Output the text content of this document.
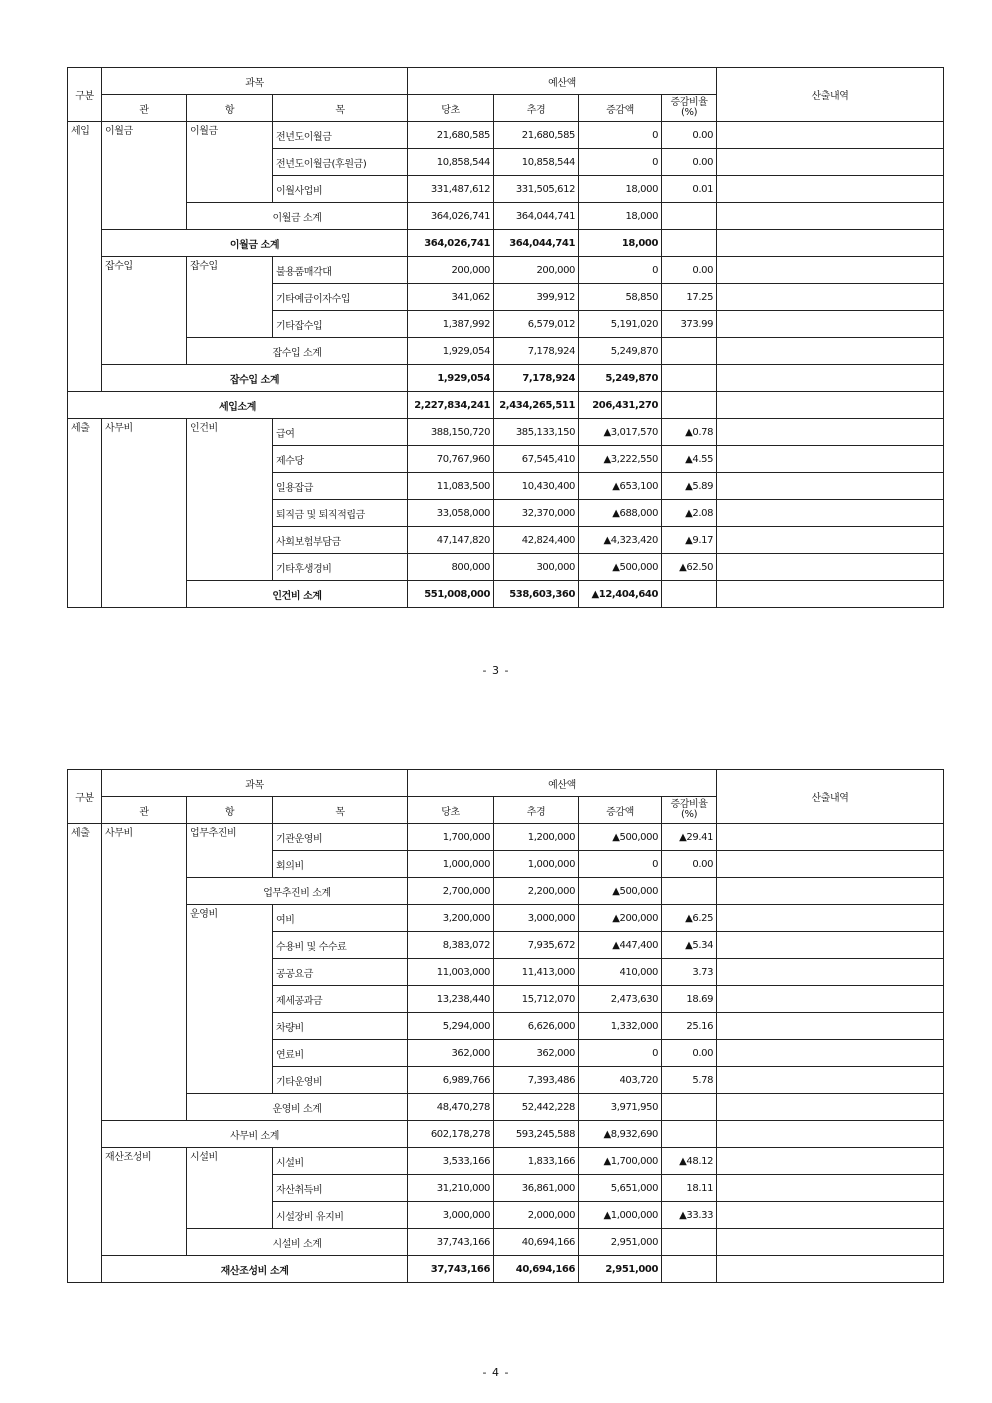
구분	과목			예산액				산출내역
	관	항	목	당초	추경	증감액	증감비율
(%)	
세입	이월금	이월금	전년도이월금	21,680,585	21,680,585	0	0.00	
			전년도이월금(후원금)	10,858,544	10,858,544	0	0.00	
			이월사업비	331,487,612	331,505,612	18,000	0.01	
		이월금 소계		364,026,741	364,044,741	18,000		
	이월금 소계			364,026,741	364,044,741	18,000		
	잡수입	잡수입	불용품매각대	200,000	200,000	0	0.00	
			기타예금이자수입	341,062	399,912	58,850	17.25	
			기타잡수입	1,387,992	6,579,012	5,191,020	373.99	
		잡수입 소계		1,929,054	7,178,924	5,249,870		
	잡수입 소계			1,929,054	7,178,924	5,249,870		
세입소계				2,227,834,241	2,434,265,511	206,431,270		
세출	사무비	인건비	급여	388,150,720	385,133,150	▲3,017,570	▲0.78	
			제수당	70,767,960	67,545,410	▲3,222,550	▲4.55	
			일용잡급	11,083,500	10,430,400	▲653,100	▲5.89	
			퇴직금 및 퇴직적립금	33,058,000	32,370,000	▲688,000	▲2.08	
			사회보험부담금	47,147,820	42,824,400	▲4,323,420	▲9.17	
			기타후생경비	800,000	300,000	▲500,000	▲62.50	
		인건비 소계		551,008,000	538,603,360	▲12,404,640		
- 3 -
구분	과목			예산액				산출내역
	관	항	목	당초	추경	증감액	증감비율
(%)	
세출	사무비	업무추진비	기관운영비	1,700,000	1,200,000	▲500,000	▲29.41	
			회의비	1,000,000	1,000,000	0	0.00	
		업무추진비 소계		2,700,000	2,200,000	▲500,000		
		운영비	여비	3,200,000	3,000,000	▲200,000	▲6.25	
			수용비 및 수수료	8,383,072	7,935,672	▲447,400	▲5.34	
			공공요금	11,003,000	11,413,000	410,000	3.73	
			제세공과금	13,238,440	15,712,070	2,473,630	18.69	
			차량비	5,294,000	6,626,000	1,332,000	25.16	
			연료비	362,000	362,000	0	0.00	
			기타운영비	6,989,766	7,393,486	403,720	5.78	
		운영비 소계		48,470,278	52,442,228	3,971,950		
	사무비 소계			602,178,278	593,245,588	▲8,932,690		
	재산조성비	시설비	시설비	3,533,166	1,833,166	▲1,700,000	▲48.12	
			자산취득비	31,210,000	36,861,000	5,651,000	18.11	
			시설장비 유지비	3,000,000	2,000,000	▲1,000,000	▲33.33	
		시설비 소계		37,743,166	40,694,166	2,951,000		
	재산조성비 소계			37,743,166	40,694,166	2,951,000		
- 4 -
